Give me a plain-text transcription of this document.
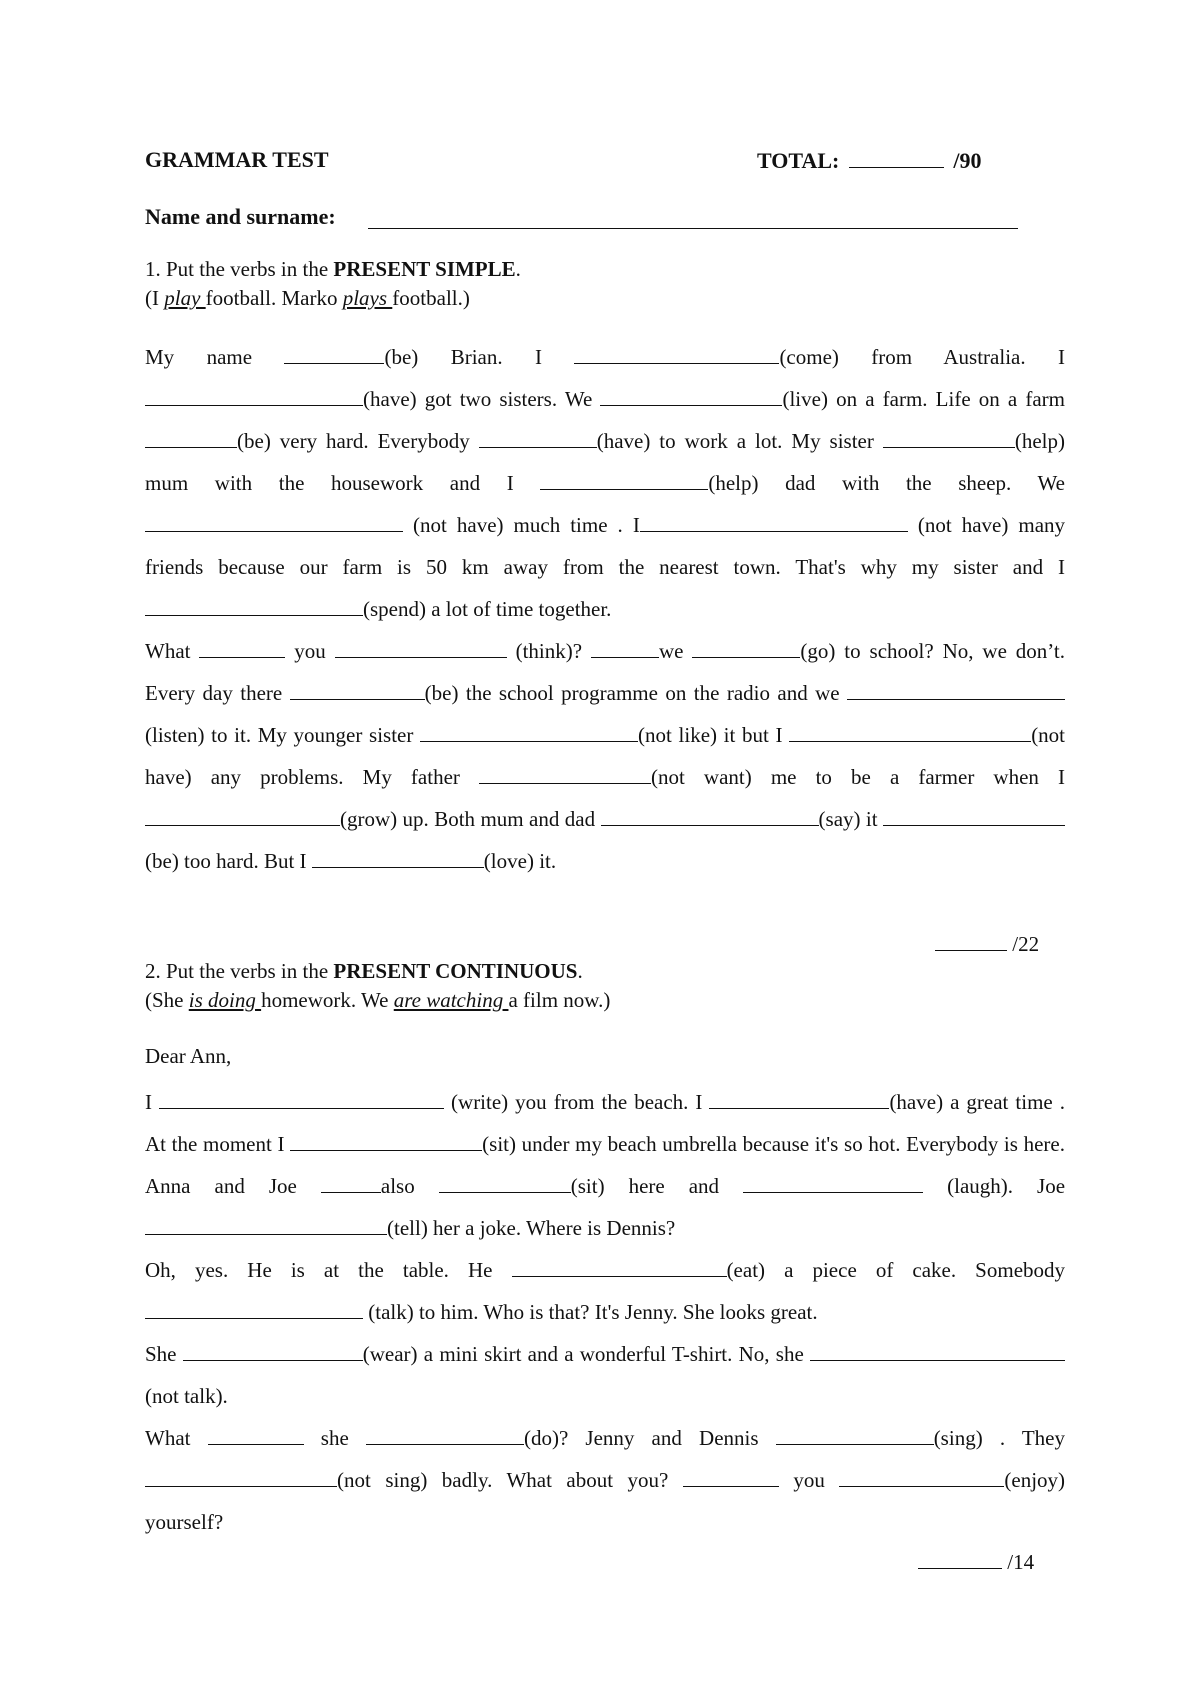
GRAMMAR TEST	TOTAL:	/90
Name and surname:
1. Put the verbs in the PRESENT SIMPLE.
(I play football. Marko plays football.)

My name	(be) Brian. I	(come) from Australia. I (have) got two sisters. We	(live) on a farm. Life on a farm (be) very hard. Everybody	(have) to work a lot. My sister	(help) mum with the housework and I	(help) dad with the sheep. We  (not have) much time . I	(not have) many friends because our farm is 50 km away from the nearest town. That's why my sister and I (spend) a lot of time together.
What	you	(think)?	we	(go) to school? No, we don’t. Every day there	(be) the school programme on the radio and we (listen) to it. My younger sister	(not like) it but I	(not have) any problems. My father	(not want) me to be a farmer when I (grow) up. Both mum and dad	(say) it (be) too hard. But I	(love) it.

/22
2. Put the verbs in the PRESENT CONTINUOUS.
(She is doing homework. We are watching a film now.)
Dear Ann,

I	(write) you from the beach. I	(have) a great time . At the moment I	(sit) under my beach umbrella because it's so hot. Everybody is here. Anna and Joe	also	(sit) here and	(laugh). Joe (tell) her a joke. Where is Dennis?
Oh, yes. He is at the table. He	(eat) a piece of cake. Somebody  (talk) to him. Who is that? It's Jenny. She looks great.
She	(wear) a mini skirt and a wonderful T-shirt. No, she (not talk).
What	she	(do)? Jenny and Dennis	(sing) . They (not sing) badly. What about you?	you	(enjoy) yourself?

/14
